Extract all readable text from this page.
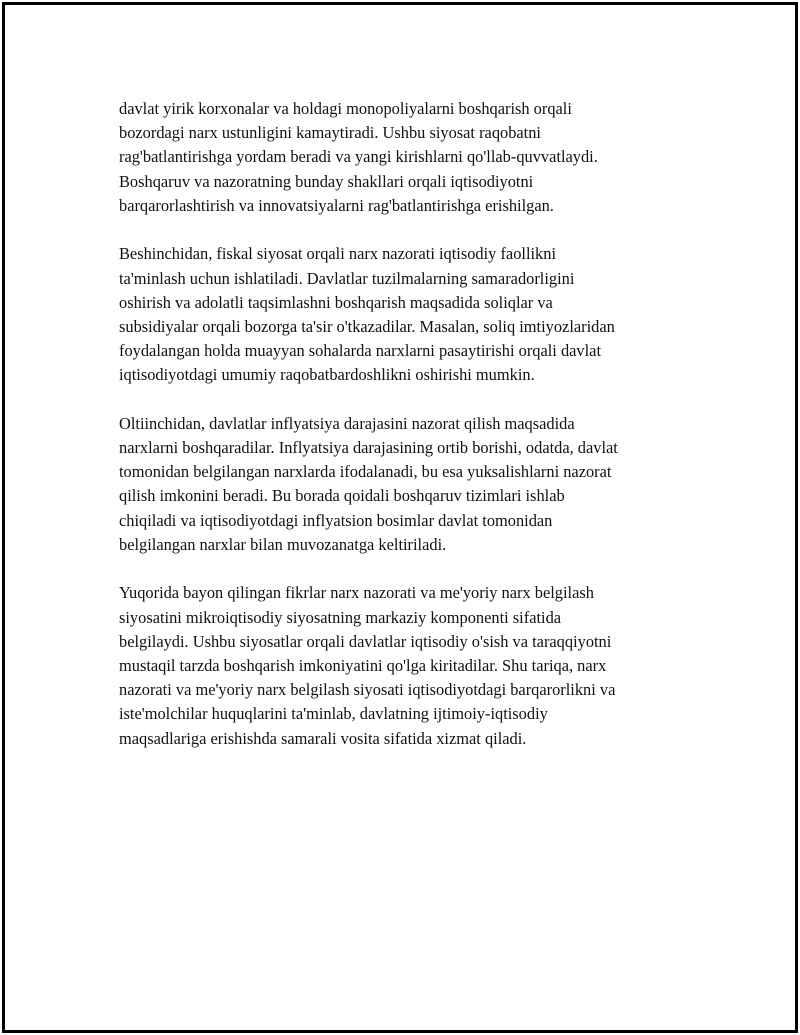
davlat yirik korxonalar va holdagi monopoliyalarni boshqarish orqali
bozordagi narx ustunligini kamaytiradi. Ushbu siyosat raqobatni
rag'batlantirishga yordam beradi va yangi kirishlarni qo'llab-quvvatlaydi.
Boshqaruv va nazoratning bunday shakllari orqali iqtisodiyotni
barqarorlashtirish va innovatsiyalarni rag'batlantirishga erishilgan.

Beshinchidan, fiskal siyosat orqali narx nazorati iqtisodiy faollikni
ta'minlash uchun ishlatiladi. Davlatlar tuzilmalarning samaradorligini
oshirish va adolatli taqsimlashni boshqarish maqsadida soliqlar va
subsidiyalar orqali bozorga ta'sir o'tkazadilar. Masalan, soliq imtiyozlaridan
foydalangan holda muayyan sohalarda narxlarni pasaytirishi orqali davlat
iqtisodiyotdagi umumiy raqobatbardoshlikni oshirishi mumkin.

Oltiinchidan, davlatlar inflyatsiya darajasini nazorat qilish maqsadida
narxlarni boshqaradilar. Inflyatsiya darajasining ortib borishi, odatda, davlat
tomonidan belgilangan narxlarda ifodalanadi, bu esa yuksalishlarni nazorat
qilish imkonini beradi. Bu borada qoidali boshqaruv tizimlari ishlab
chiqiladi va iqtisodiyotdagi inflyatsion bosimlar davlat tomonidan
belgilangan narxlar bilan muvozanatga keltiriladi.

Yuqorida bayon qilingan fikrlar narx nazorati va me'yoriy narx belgilash
siyosatini mikroiqtisodiy siyosatning markaziy komponenti sifatida
belgilaydi. Ushbu siyosatlar orqali davlatlar iqtisodiy o'sish va taraqqiyotni
mustaqil tarzda boshqarish imkoniyatini qo'lga kiritadilar. Shu tariqa, narx
nazorati va me'yoriy narx belgilash siyosati iqtisodiyotdagi barqarorlikni va
iste'molchilar huquqlarini ta'minlab, davlatning ijtimoiy-iqtisodiy
maqsadlariga erishishda samarali vosita sifatida xizmat qiladi.
